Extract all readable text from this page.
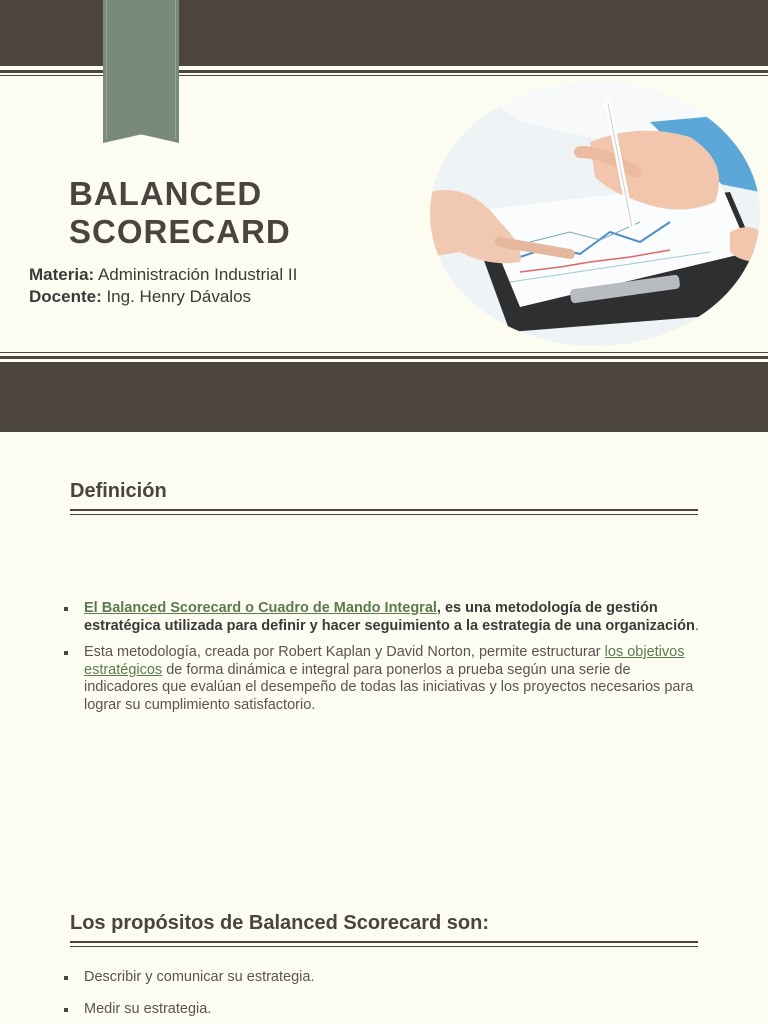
BALANCED
SCORECARD
Materia: Administración Industrial II
Docente: Ing. Henry Dávalos
Definición
El Balanced Scorecard o Cuadro de Mando Integral, es una metodología de gestión estratégica utilizada para definir y hacer seguimiento a la estrategia de una organización.
Esta metodología, creada por Robert Kaplan y David Norton, permite estructurar los objetivos estratégicos de forma dinámica e integral para ponerlos a prueba según una serie de indicadores que evalúan el desempeño de todas las iniciativas y los proyectos necesarios para lograr su cumplimiento satisfactorio.
Los propósitos de Balanced Scorecard son:
Describir y comunicar su estrategia.
Medir su estrategia.
